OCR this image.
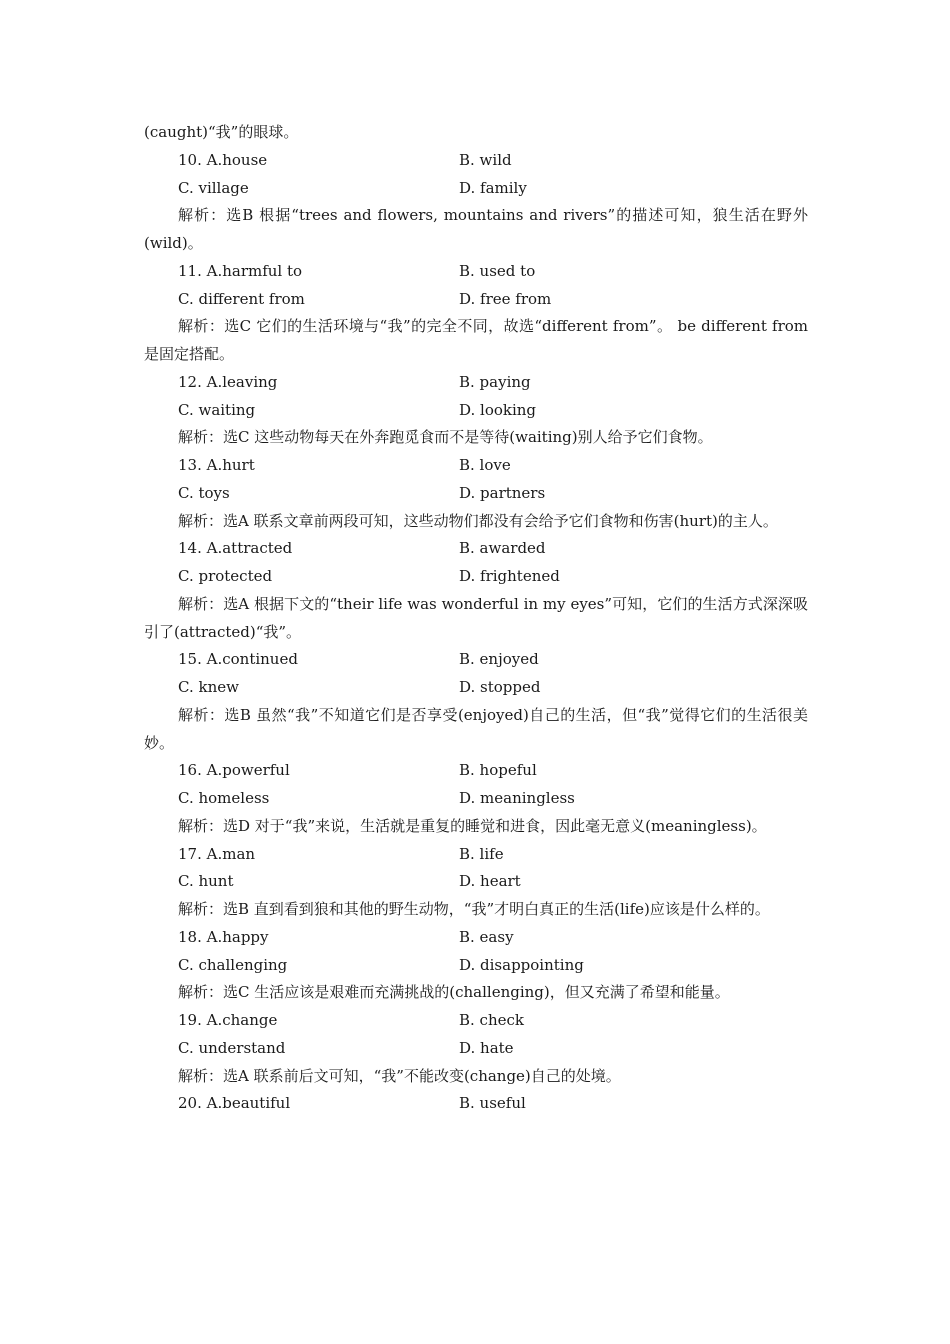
(caught)“我”的眼球。
10. A.house	B. wild
C. village	D. family
解析：选B 根据“trees and flowers, mountains and rivers”的描述可知，狼生活在野外(wild)。
11. A.harmful to	B. used to
C. different from	D. free from
解析：选C 它们的生活环境与“我”的完全不同，故选“different from”。 be different from是固定搭配。
12. A.leaving	B. paying
C. waiting	D. looking
解析：选C 这些动物每天在外奔跑觅食而不是等待(waiting)别人给予它们食物。
13. A.hurt	B. love
C. toys	D. partners
解析：选A 联系文章前两段可知，这些动物们都没有会给予它们食物和伤害(hurt)的主人。
14. A.attracted	B. awarded
C. protected	D. frightened
解析：选A 根据下文的“their life was wonderful in my eyes”可知，它们的生活方式深深吸引了(attracted)“我”。
15. A.continued	B. enjoyed
C. knew	D. stopped
解析：选B 虽然“我”不知道它们是否享受(enjoyed)自己的生活，但“我”觉得它们的生活很美妙。
16. A.powerful	B. hopeful
C. homeless	D. meaningless
解析：选D 对于“我”来说，生活就是重复的睡觉和进食，因此毫无意义(meaningless)。
17. A.man	B. life
C. hunt	D. heart
解析：选B 直到看到狼和其他的野生动物，“我”才明白真正的生活(life)应该是什么样的。
18. A.happy	B. easy
C. challenging	D. disappointing
解析：选C 生活应该是艰难而充满挑战的(challenging)，但又充满了希望和能量。
19. A.change	B. check
C. understand	D. hate
解析：选A 联系前后文可知，“我”不能改变(change)自己的处境。
20. A.beautiful	B. useful
